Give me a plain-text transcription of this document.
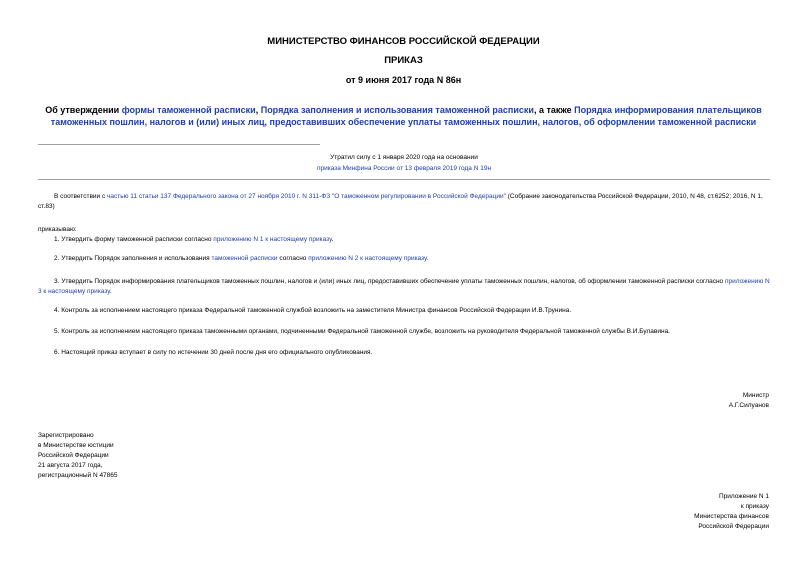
МИНИСТЕРСТВО ФИНАНСОВ РОССИЙСКОЙ ФЕДЕРАЦИИ
ПРИКАЗ
от 9 июня 2017 года N 86н
Об утверждении формы таможенной расписки, Порядка заполнения и использования таможенной расписки, а также Порядка информирования плательщиков таможенных пошлин, налогов и (или) иных лиц, предоставивших обеспечение уплаты таможенных пошлин, налогов, об оформлении таможенной расписки
Утратил силу с 1 января 2020 года на основании
приказа Минфина России от 13 февраля 2019 года N 19н
В соответствии с частью 11 статьи 137 Федерального закона от 27 ноября 2010 г. N 311-ФЗ "О таможенном регулировании в Российской Федерации" (Собрание законодательства Российской Федерации, 2010, N 48, ст.6252; 2016, N 1, ст.83)
приказываю:
1. Утвердить форму таможенной расписки согласно приложению N 1 к настоящему приказу.
2. Утвердить Порядок заполнения и использования таможенной расписки согласно приложению N 2 к настоящему приказу.
3. Утвердить Порядок информирования плательщиков таможенных пошлин, налогов и (или) иных лиц, предоставивших обеспечение уплаты таможенных пошлин, налогов, об оформлении таможенной расписки согласно приложению N 3 к настоящему приказу.
4. Контроль за исполнением настоящего приказа Федеральной таможенной службой возложить на заместителя Министра финансов Российской Федерации И.В.Трунина.
5. Контроль за исполнением настоящего приказа таможенными органами, подчиненными Федеральной таможенной службе, возложить на руководителя Федеральной таможенной службы В.И.Булавина.
6. Настоящий приказ вступает в силу по истечении 30 дней после дня его официального опубликования.
Министр
А.Г.Силуанов
Зарегистрировано
в Министерстве юстиции
Российской Федерации
21 августа 2017 года,
регистрационный N 47865
Приложение N 1
к приказу
Министерства финансов
Российской Федерации
